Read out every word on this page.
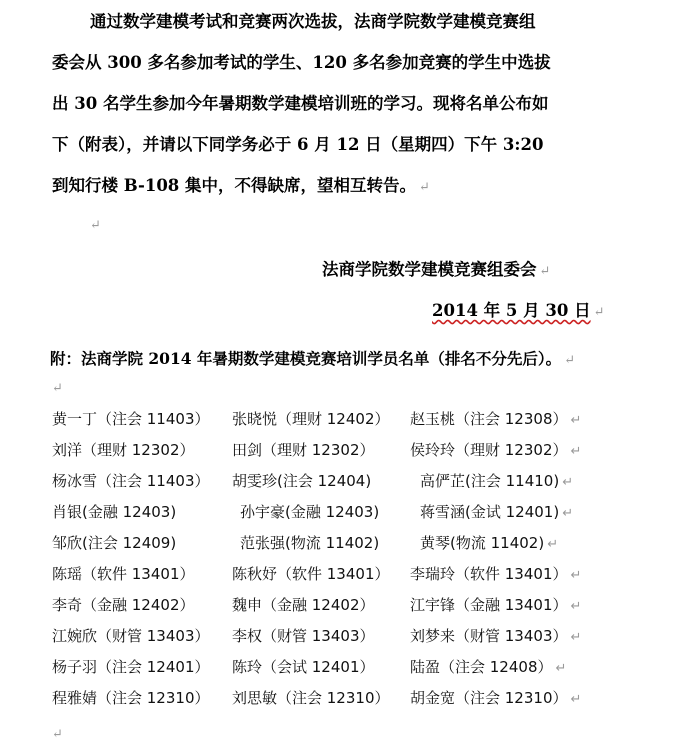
通过数学建模考试和竞赛两次选拔，法商学院数学建模竞赛组
委会从 300 多名参加考试的学生、120 多名参加竞赛的学生中选拔
出 30 名学生参加今年暑期数学建模培训班的学习。现将名单公布如
下（附表），并请以下同学务必于 6 月 12 日（星期四）下午 3:20
到知行楼 B-108 集中，不得缺席，望相互转告。 ↵
↵
法商学院数学建模竞赛组委会 ↵
2014 年 5 月 30 日 ↵
附：法商学院 2014 年暑期数学建模竞赛培训学员名单（排名不分先后）。 ↵
↵
黄一丁（注会 11403） 张晓悦（理财 12402） 赵玉桃（注会 12308） ↵
刘洋（理财 12302）	田剑（理财 12302） 侯玲玲（理财 12302） ↵
杨冰雪（注会 11403） 胡雯珍(注会 12404)	高俨芷(注会 11410) ↵
肖银(金融 12403)	孙宇豪(金融 12403)	蒋雪涵(金试 12401) ↵
邹欣(注会 12409)	范张强(物流 11402)	黄琴(物流 11402) ↵
陈瑶（软件 13401）	陈秋妤（软件 13401） 李瑞玲（软件 13401） ↵
李奇（金融 12402）	魏申（金融 12402） 江宇锋（金融 13401） ↵
江婉欣（财管 13403） 李权（财管 13403） 刘梦来（财管 13403） ↵
杨子羽（注会 12401） 陈玲（会试 12401） 陆盈（注会 12408） ↵
程雅婧（注会 12310） 刘思敏（注会 12310） 胡金宽（注会 12310） ↵
↵
